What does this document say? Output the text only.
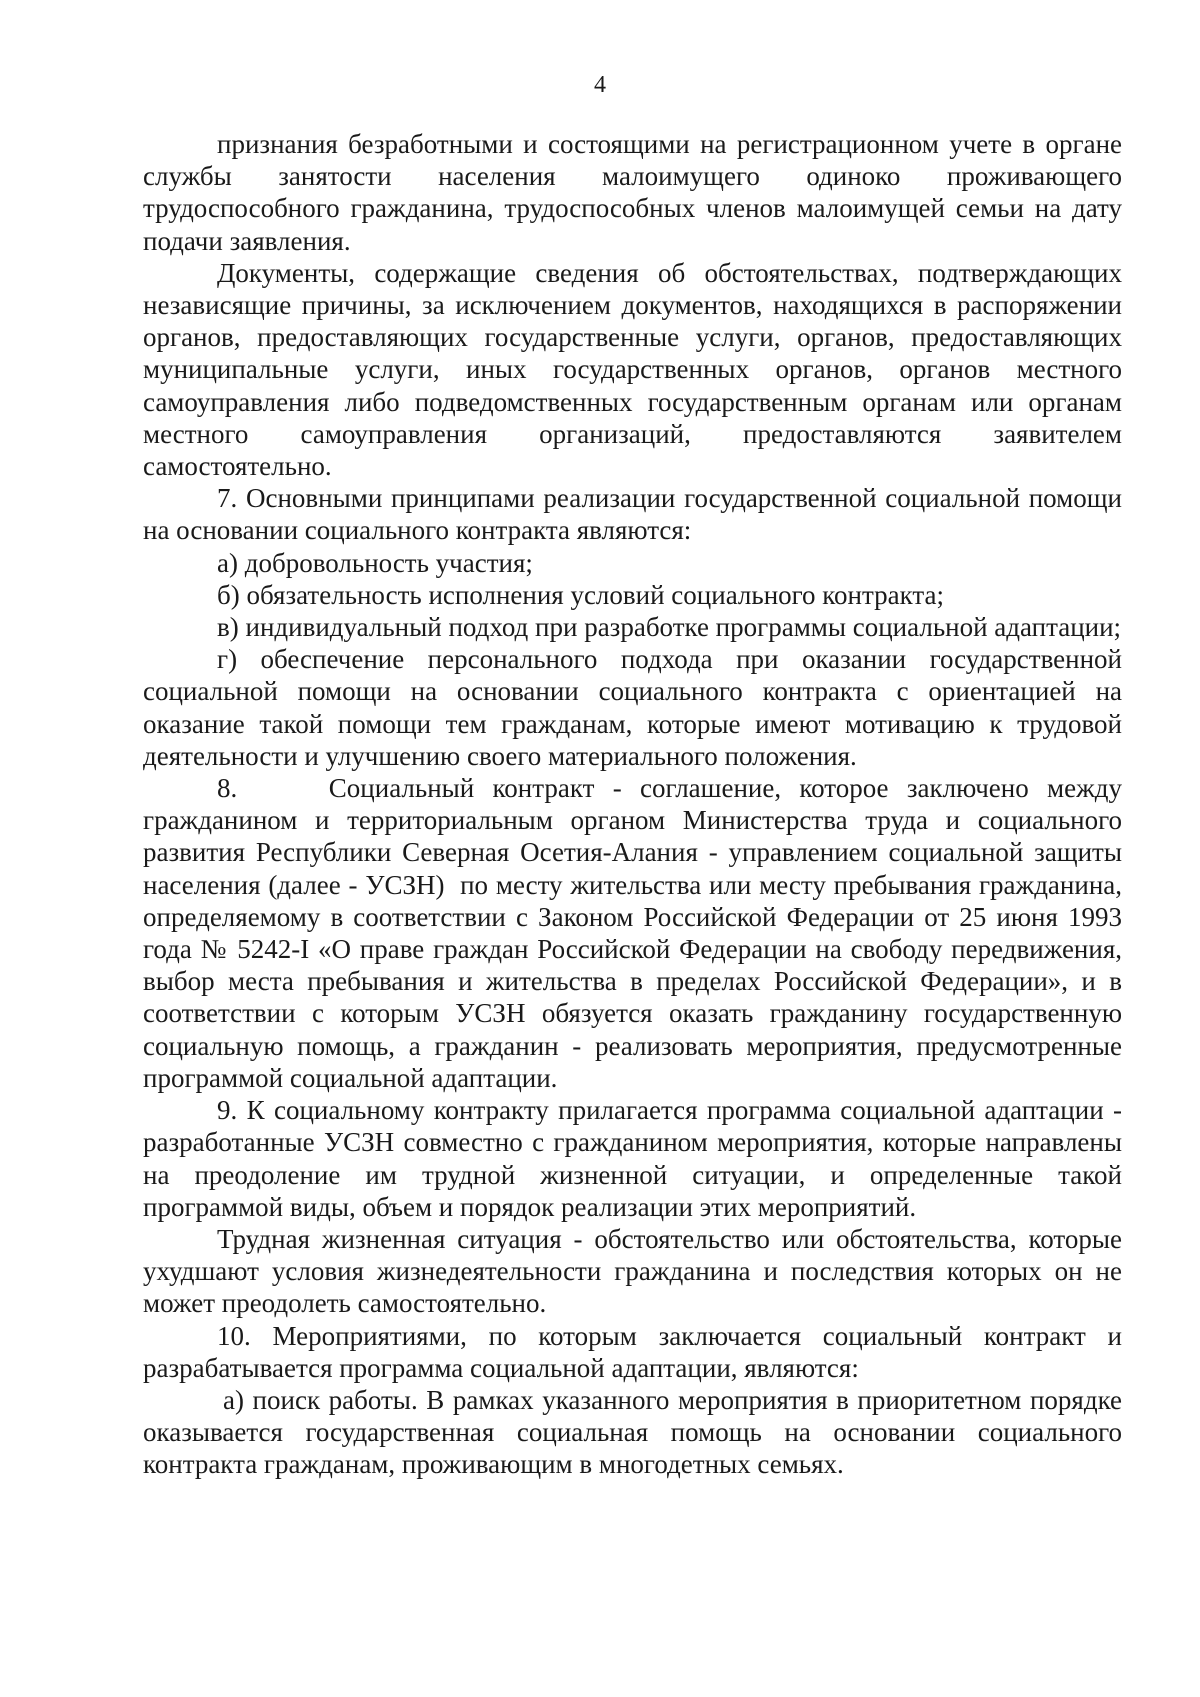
4

признания безработными и состоящими на регистрационном учете в органе службы занятости населения малоимущего одиноко проживающего трудоспособного гражданина, трудоспособных членов малоимущей семьи на дату подачи заявления.

Документы, содержащие сведения об обстоятельствах, подтверждающих независящие причины, за исключением документов, находящихся в распоряжении органов, предоставляющих государственные услуги, органов, предоставляющих муниципальные услуги, иных государственных органов, органов местного самоуправления либо подведомственных государственным органам или органам местного самоуправления организаций, предоставляются заявителем самостоятельно.

7. Основными принципами реализации государственной социальной помощи на основании социального контракта являются:

а) добровольность участия;

б) обязательность исполнения условий социального контракта;

в) индивидуальный подход при разработке программы социальной адаптации;

г) обеспечение персонального подхода при оказании государственной социальной помощи на основании социального контракта с ориентацией на оказание такой помощи тем гражданам, которые имеют мотивацию к трудовой деятельности и улучшению своего материального положения.

8.     Социальный контракт - соглашение, которое заключено между гражданином и территориальным органом Министерства труда и социального развития Республики Северная Осетия-Алания - управлением социальной защиты населения (далее - УСЗН)  по месту жительства или месту пребывания гражданина, определяемому в соответствии с Законом Российской Федерации от 25 июня 1993 года № 5242-I «О праве граждан Российской Федерации на свободу передвижения, выбор места пребывания и жительства в пределах Российской Федерации», и в соответствии с которым УСЗН обязуется оказать гражданину государственную социальную помощь, а гражданин - реализовать мероприятия, предусмотренные программой социальной адаптации.

9. К социальному контракту прилагается программа социальной адаптации - разработанные УСЗН совместно с гражданином мероприятия, которые направлены на преодоление им трудной жизненной ситуации, и определенные такой программой виды, объем и порядок реализации этих мероприятий.

Трудная жизненная ситуация - обстоятельство или обстоятельства, которые ухудшают условия жизнедеятельности гражданина и последствия которых он не может преодолеть самостоятельно.

10. Мероприятиями, по которым заключается социальный контракт и разрабатывается программа социальной адаптации, являются:

а) поиск работы. В рамках указанного мероприятия в приоритетном порядке оказывается государственная социальная помощь на основании социального контракта гражданам, проживающим в многодетных семьях.
